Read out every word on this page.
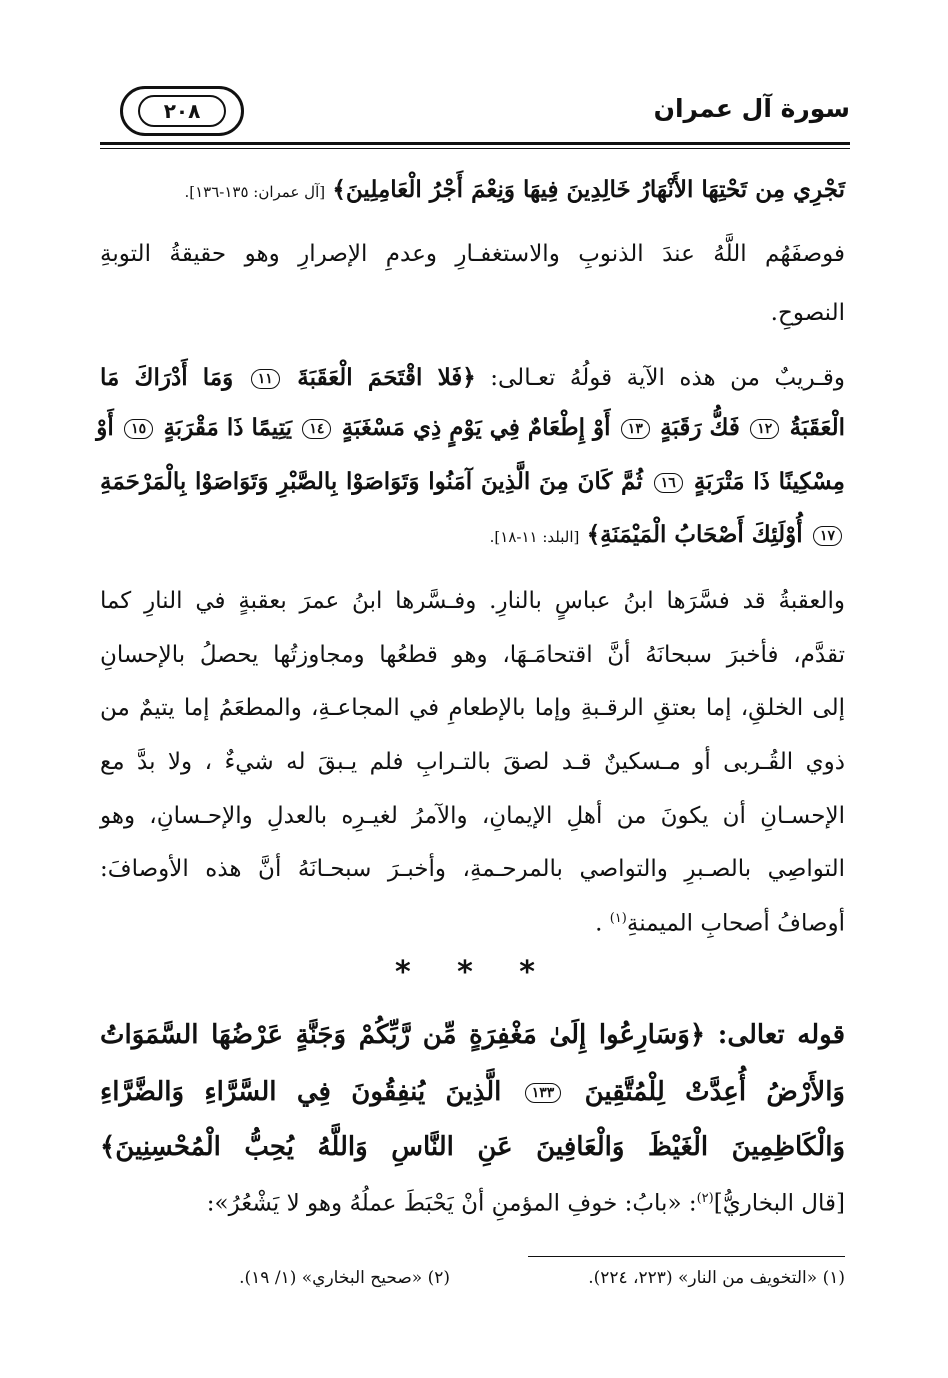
سورة آل عمران
٢٠٨
تَجْرِي مِن تَحْتِهَا الأَنْهَارُ خَالِدِينَ فِيهَا وَنِعْمَ أَجْرُ الْعَامِلِينَ﴾ [آل عمران: ١٣٥-١٣٦].
فوصفَهُم اللَّهُ عندَ الذنوبِ والاستغفـارِ وعدمِ الإصرارِ وهو حقيقةُ التوبةِ
النصوحِ.
وقـريبٌ من هذه الآية قولُهُ تعـالى: ﴿فَلا اقْتَحَمَ الْعَقَبَةَ ١١ وَمَا أَدْرَاكَ مَا
الْعَقَبَةُ ١٢ فَكُّ رَقَبَةٍ ١٣ أَوْ إِطْعَامٌ فِي يَوْمٍ ذِي مَسْغَبَةٍ ١٤ يَتِيمًا ذَا مَقْرَبَةٍ ١٥ أَوْ
مِسْكِينًا ذَا مَتْرَبَةٍ ١٦ ثُمَّ كَانَ مِنَ الَّذِينَ آمَنُوا وَتَوَاصَوْا بِالصَّبْرِ وَتَوَاصَوْا بِالْمَرْحَمَةِ
١٧ أُوْلَئِكَ أَصْحَابُ الْمَيْمَنَةِ﴾ [البلد: ١١-١٨].
والعقبةُ قد فسَّرَها ابنُ عباسٍ بالنارِ. وفـسَّرها ابنُ عمرَ بعقبةٍ في النارِ كما
تقدَّم، فأخبرَ سبحانَهُ أنَّ اقتحامَـهَا، وهو قطعُها ومجاوزتُها يحصلُ بالإحسانِ
إلى الخلقِ، إما بعتقِ الرقـبةِ وإما بالإطعامِ في المجاعـةِ، والمطعَمُ إما يتيمٌ من
ذوي القُـربى أو مـسكينٌ قـد لصقَ بالتـرابِ فلم يـبقَ له شيءٌ ، ولا بدَّ مع
الإحسـانِ أن يكونَ من أهلِ الإيمانِ، والآمرُ لغيـرِه بالعدلِ والإحـسانِ، وهو
التواصِي بالصـبرِ والتواصي بالمرحـمةِ، وأخبـرَ سبحـانَهُ أنَّ هذه الأوصافَ:
أوصافُ أصحابِ الميمنةِ$^{(١)}$ .
* * *
قوله تعالى: ﴿وَسَارِعُوا إِلَىٰ مَغْفِرَةٍ مِّن رَّبِّكُمْ وَجَنَّةٍ عَرْضُهَا السَّمَوَاتُ
وَالأَرْضُ أُعِدَّتْ لِلْمُتَّقِينَ ١٣٣ الَّذِينَ يُنفِقُونَ فِي السَّرَّاءِ وَالضَّرَّاءِ
وَالْكَاظِمِينَ الْغَيْظَ وَالْعَافِينَ عَنِ النَّاسِ وَاللَّهُ يُحِبُّ الْمُحْسِنِينَ﴾
[قال البخاريُّ]$^{(٢)}$: «بابُ: خوفِ المؤمنِ أنْ يَحْبَطَ عملُهُ وهو لا يَشْعُرُ»:
(١) «التخويف من النار» (٢٢٣، ٢٢٤).
(٢) «صحيح البخاري» (١/ ١٩).
